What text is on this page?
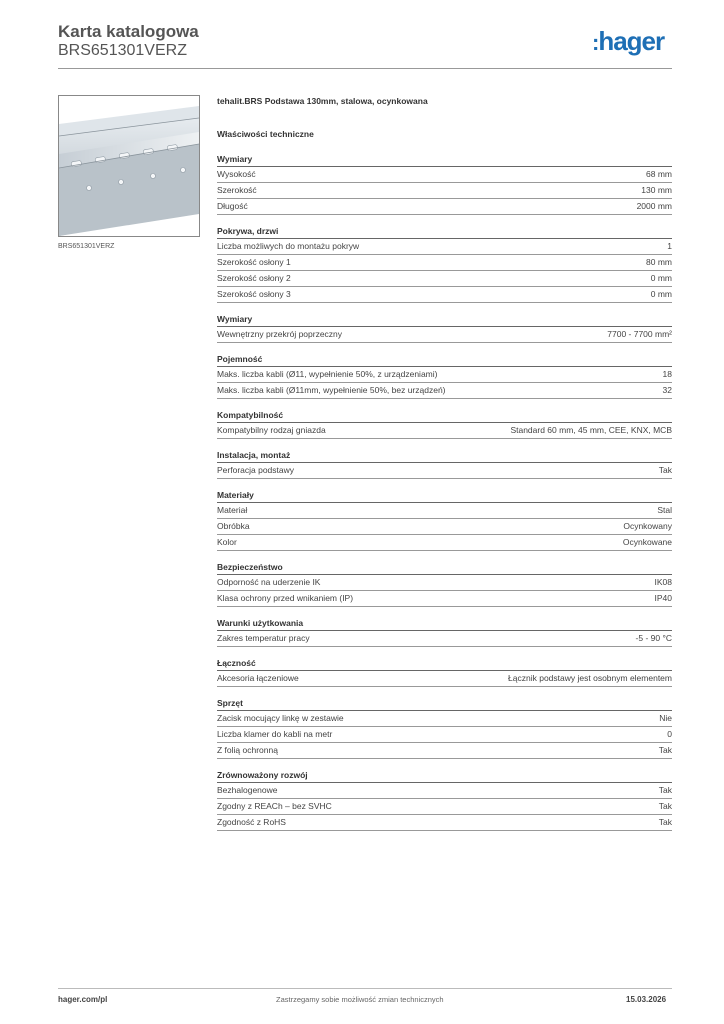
Karta katalogowa
BRS651301VERZ	:hager
BRS651301VERZ
tehalit.BRS Podstawa 130mm, stalowa, ocynkowana
Właściwości techniczne
Wymiary
Wysokość	68 mm
Szerokość	130 mm
Długość	2000 mm
Pokrywa, drzwi
Liczba możliwych do montażu pokryw	1
Szerokość osłony 1	80 mm
Szerokość osłony 2	0 mm
Szerokość osłony 3	0 mm
Wymiary
Wewnętrzny przekrój poprzeczny	7700 - 7700 mm²
Pojemność
Maks. liczba kabli (Ø11, wypełnienie 50%, z urządzeniami)	18
Maks. liczba kabli (Ø11mm, wypełnienie 50%, bez urządzeń)	32
Kompatybilność
Kompatybilny rodzaj gniazda	Standard 60 mm, 45 mm, CEE, KNX, MCB
Instalacja, montaż
Perforacja podstawy	Tak
Materiały
Materiał	Stal
Obróbka	Ocynkowany
Kolor	Ocynkowane
Bezpieczeństwo
Odporność na uderzenie IK	IK08
Klasa ochrony przed wnikaniem (IP)	IP40
Warunki użytkowania
Zakres temperatur pracy	-5 - 90 °C
Łączność
Akcesoria łączeniowe	Łącznik podstawy jest osobnym elementem
Sprzęt
Zacisk mocujący linkę w zestawie	Nie
Liczba klamer do kabli na metr	0
Z folią ochronną	Tak
Zrównoważony rozwój
Bezhalogenowe	Tak
Zgodny z REACh – bez SVHC	Tak
Zgodność z RoHS	Tak
hager.com/pl	Zastrzegamy sobie możliwość zmian technicznych	15.03.2026
